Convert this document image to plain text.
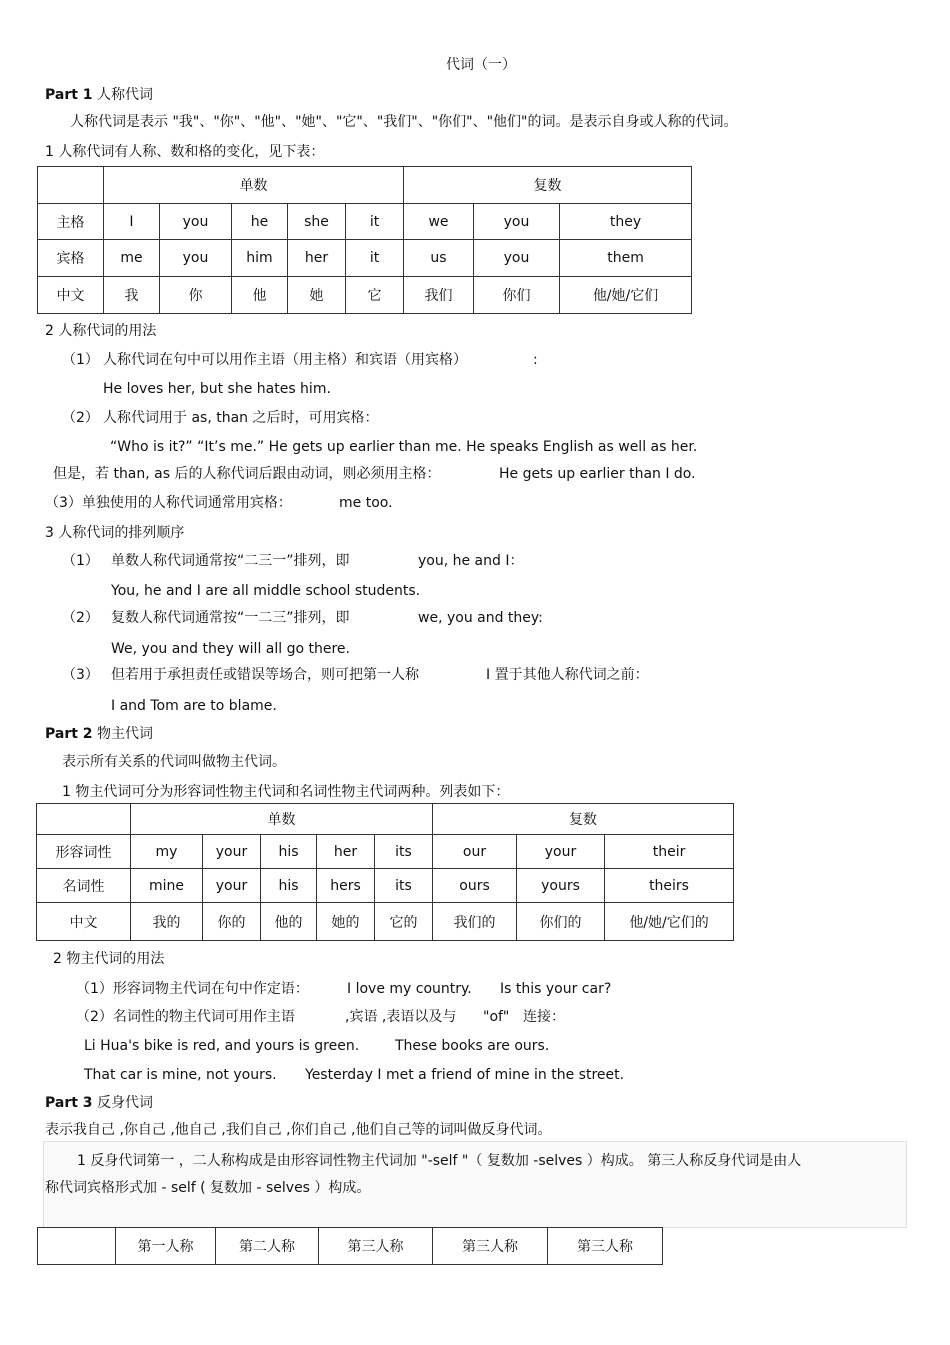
代词（一）
Part 1 人称代词
人称代词是表示 "我"、"你"、"他"、"她"、"它"、"我们"、"你们"、"他们"的词。是表示自身或人称的代词。
1 人称代词有人称、数和格的变化，见下表：
	单数					复数		
主格	I	you	he	she	it	we	you	they
宾格	me	you	him	her	it	us	you	them
中文	我	你	他	她	它	我们	你们	他/她/它们
2 人称代词的用法
（1） 人称代词在句中可以用作主语（用主格）和宾语（用宾格）	:
He loves her, but she hates him.
（2） 人称代词用于 as, than 之后时，可用宾格：
“Who is it?” “It’s me.” He gets up earlier than me. He speaks English as well as her.
但是，若 than, as 后的人称代词后跟由动词，则必须用主格：	He gets up earlier than I do.
（3）单独使用的人称代词通常用宾格：	me too.
3 人称代词的排列顺序
（1） 单数人称代词通常按“二三一”排列，即	you, he and I：
You, he and I are all middle school students.
（2） 复数人称代词通常按“一二三”排列，即	we, you and they:
We, you and they will all go there.
（3） 但若用于承担责任或错误等场合，则可把第一人称	I 置于其他人称代词之前：
I and Tom are to blame.
Part 2 物主代词
表示所有关系的代词叫做物主代词。
1 物主代词可分为形容词性物主代词和名词性物主代词两种。列表如下：
	单数					复数		
形容词性	my	your	his	her	its	our	your	their
名词性	mine	your	his	hers	its	ours	yours	theirs
中文	我的	你的	他的	她的	它的	我们的	你们的	他/她/它们的
2 物主代词的用法
（1）形容词物主代词在句中作定语：	I love my country. Is this your car?
（2）名词性的物主代词可用作主语	,宾语 ,表语以及与 "of" 连接：
Li Hua's bike is red, and yours is green.	These books are ours.
That car is mine, not yours. Yesterday I met a friend of mine in the street.
Part 3 反身代词
表示我自己 ,你自己 ,他自己 ,我们自己 ,你们自己 ,他们自己等的词叫做反身代词。
1 反身代词第一 ，二人称构成是由形容词性物主代词加 "-self "（ 复数加 -selves ）构成。 第三人称反身代词是由人
称代词宾格形式加 - self ( 复数加 - selves ）构成。
	第一人称	第二人称	第三人称	第三人称	第三人称
